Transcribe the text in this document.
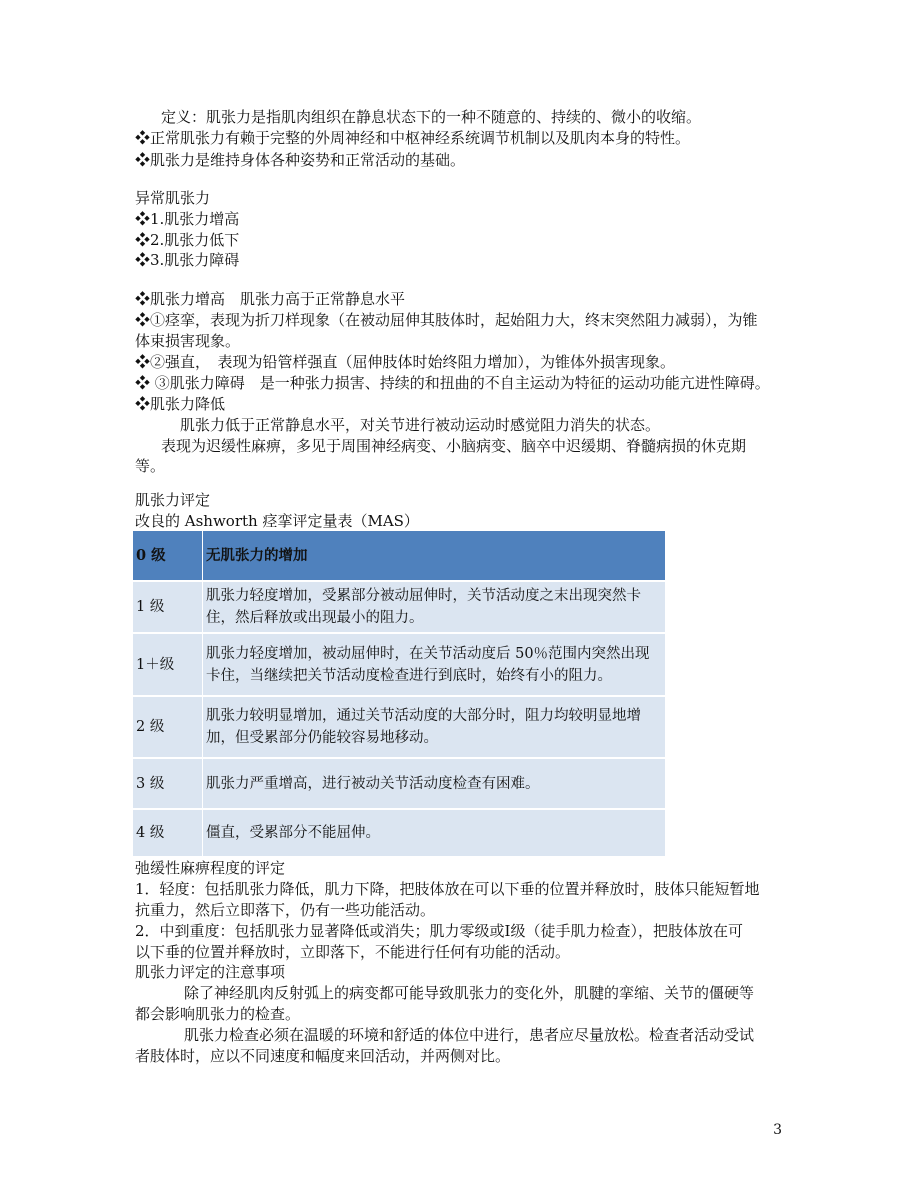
定义：肌张力是指肌肉组织在静息状态下的一种不随意的、持续的、微小的收缩。
❖正常肌张力有赖于完整的外周神经和中枢神经系统调节机制以及肌肉本身的特性。
❖肌张力是维持身体各种姿势和正常活动的基础。
异常肌张力
❖1.肌张力增高
❖2.肌张力低下
❖3.肌张力障碍
❖肌张力增高　肌张力高于正常静息水平
❖①痉挛，表现为折刀样现象（在被动屈伸其肢体时，起始阻力大，终末突然阻力减弱），为锥
体束损害现象。
❖②强直，　表现为铅管样强直（屈伸肢体时始终阻力增加），为锥体外损害现象。
❖ ③肌张力障碍　是一种张力损害、持续的和扭曲的不自主运动为特征的运动功能亢进性障碍。
❖肌张力降低
肌张力低于正常静息水平，对关节进行被动运动时感觉阻力消失的状态。
表现为迟缓性麻痹，多见于周围神经病变、小脑病变、脑卒中迟缓期、脊髓病损的休克期
等。
肌张力评定
改良的 Ashworth 痉挛评定量表（MAS）
0 级	无肌张力的增加
1 级	肌张力轻度增加，受累部分被动屈伸时，关节活动度之末出现突然卡住，然后释放或出现最小的阻力。
1＋级	肌张力轻度增加，被动屈伸时，在关节活动度后 50％范围内突然出现卡住，当继续把关节活动度检查进行到底时，始终有小的阻力。
2 级	肌张力较明显增加，通过关节活动度的大部分时，阻力均较明显地增加，但受累部分仍能较容易地移动。
3 级	肌张力严重增高，进行被动关节活动度检查有困难。
4 级	僵直，受累部分不能屈伸。
弛缓性麻痹程度的评定
1．轻度：包括肌张力降低，肌力下降，把肢体放在可以下垂的位置并释放时，肢体只能短暂地
抗重力，然后立即落下，仍有一些功能活动。
2．中到重度：包括肌张力显著降低或消失；肌力零级或Ⅰ级（徒手肌力检查），把肢体放在可
以下垂的位置并释放时，立即落下，不能进行任何有功能的活动。
肌张力评定的注意事项
除了神经肌肉反射弧上的病变都可能导致肌张力的变化外，肌腱的挛缩、关节的僵硬等
都会影响肌张力的检查。
肌张力检查必须在温暖的环境和舒适的体位中进行，患者应尽量放松。检查者活动受试
者肢体时，应以不同速度和幅度来回活动，并两侧对比。
3
